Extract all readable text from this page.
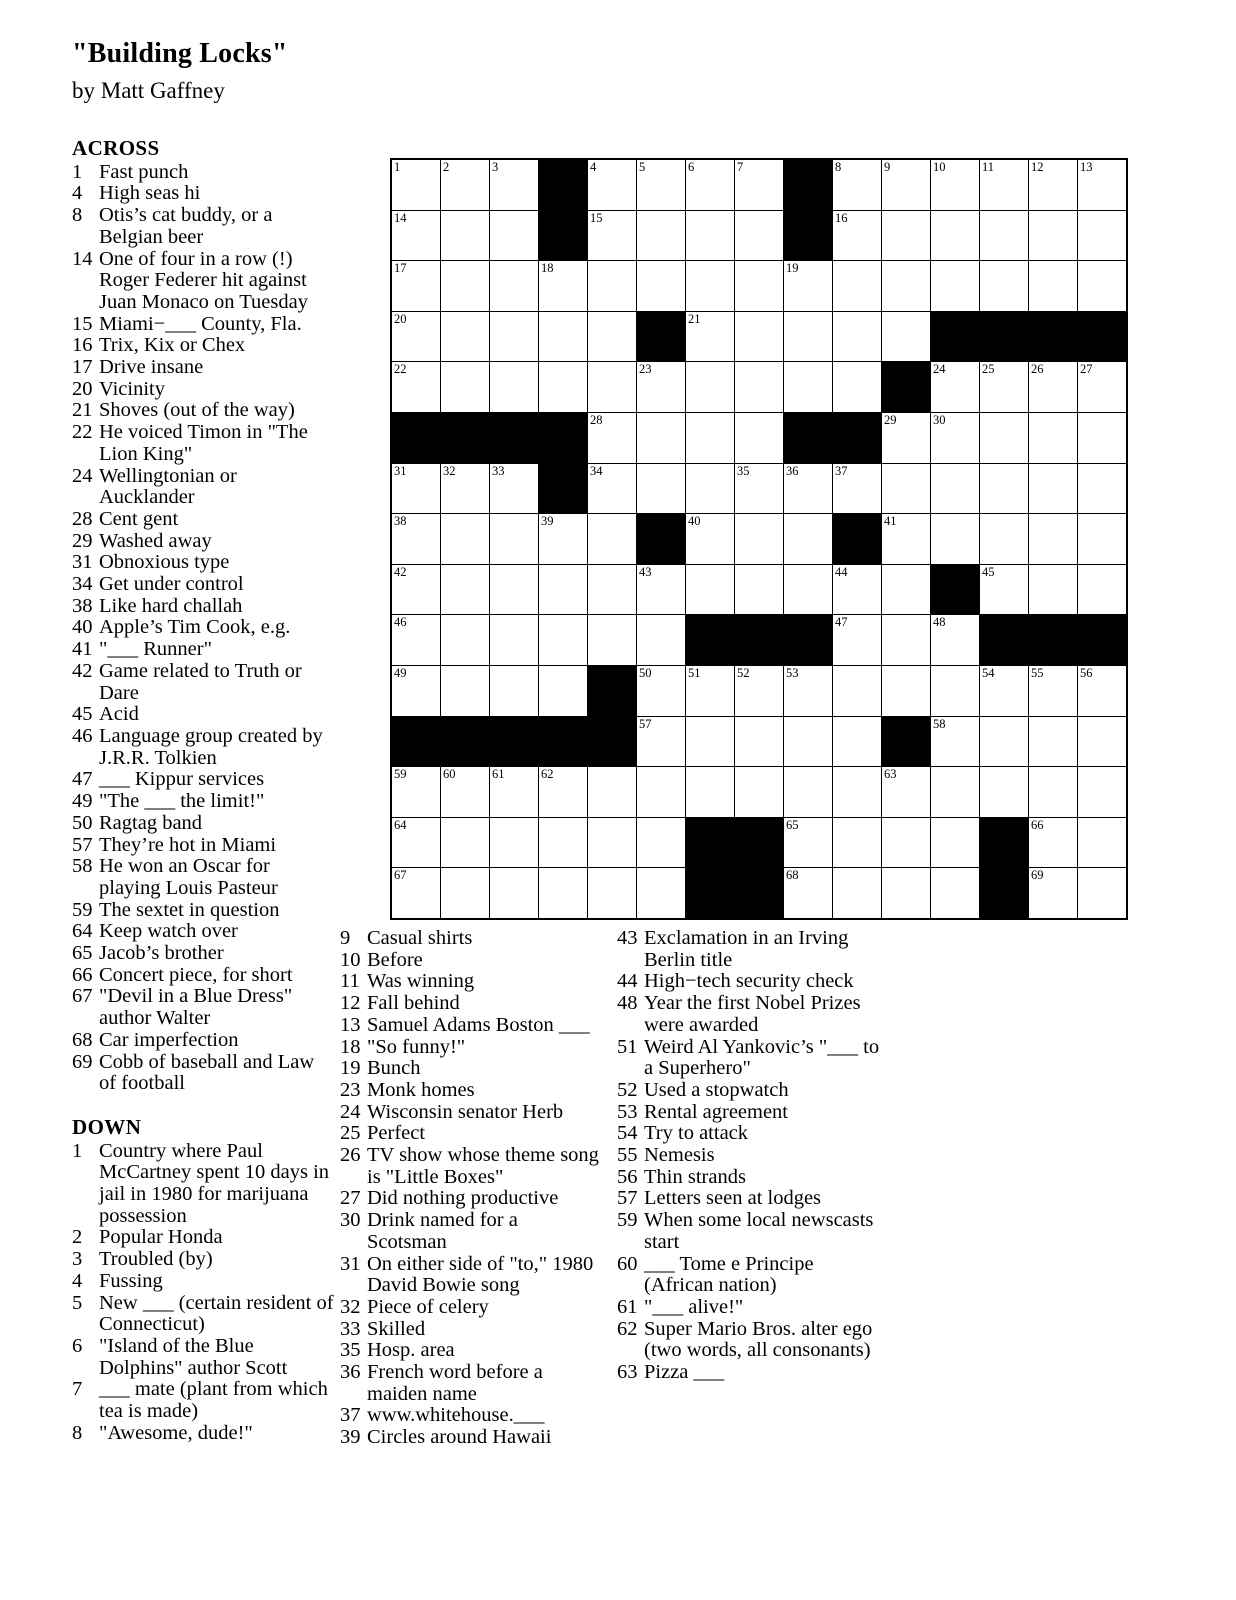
"Building Locks"
by Matt Gaffney
ACROSS
1 Fast punch
4 High seas hi
8 Otis’s cat buddy, or a Belgian beer
14 One of four in a row (!) Roger Federer hit against Juan Monaco on Tuesday
15 Miami−___ County, Fla.
16 Trix, Kix or Chex
17 Drive insane
20 Vicinity
21 Shoves (out of the way)
22 He voiced Timon in "The Lion King"
24 Wellingtonian or Aucklander
28 Cent gent
29 Washed away
31 Obnoxious type
34 Get under control
38 Like hard challah
40 Apple’s Tim Cook, e.g.
41 "___ Runner"
42 Game related to Truth or Dare
45 Acid
46 Language group created by J.R.R. Tolkien
47 ___ Kippur services
49 "The ___ the limit!"
50 Ragtag band
57 They’re hot in Miami
58 He won an Oscar for playing Louis Pasteur
59 The sextet in question
64 Keep watch over
65 Jacob’s brother
66 Concert piece, for short
67 "Devil in a Blue Dress" author Walter
68 Car imperfection
69 Cobb of baseball and Law of football
DOWN
1 Country where Paul McCartney spent 10 days in jail in 1980 for marijuana possession
2 Popular Honda
3 Troubled (by)
4 Fussing
5 New ___ (certain resident of Connecticut)
6 "Island of the Blue Dolphins" author Scott
7 ___ mate (plant from which tea is made)
8 "Awesome, dude!"
9 Casual shirts
10 Before
11 Was winning
12 Fall behind
13 Samuel Adams Boston ___
18 "So funny!"
19 Bunch
23 Monk homes
24 Wisconsin senator Herb
25 Perfect
26 TV show whose theme song is "Little Boxes"
27 Did nothing productive
30 Drink named for a Scotsman
31 On either side of "to," 1980 David Bowie song
32 Piece of celery
33 Skilled
35 Hosp. area
36 French word before a maiden name
37 www.whitehouse.___
39 Circles around Hawaii
43 Exclamation in an Irving Berlin title
44 High−tech security check
48 Year the first Nobel Prizes were awarded
51 Weird Al Yankovic’s "___ to a Superhero"
52 Used a stopwatch
53 Rental agreement
54 Try to attack
55 Nemesis
56 Thin strands
57 Letters seen at lodges
59 When some local newscasts start
60 ___ Tome e Principe (African nation)
61 "___ alive!"
62 Super Mario Bros. alter ego (two words, all consonants)
63 Pizza ___
1	2	3		4	5	6	7		8	9	10	11	12	13

14				15					16					

17			18					19						

20						21								

22					23						24	25	26	27

				28						29	30			

31	32	33		34			35	36	37					

38			39			40				41				

42					43				44			45		

46									47		48			

49					50	51	52	53				54	55	56

					57						58			

59	60	61	62							63				

64								65					66	

67								68					69	
